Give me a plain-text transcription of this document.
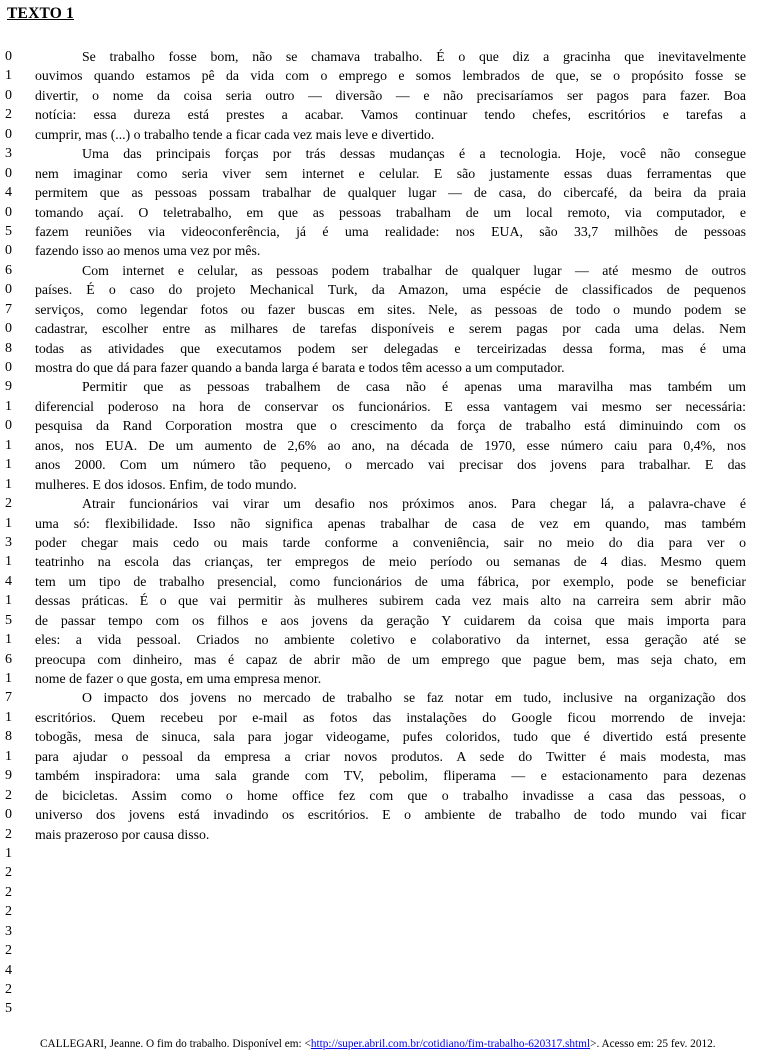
TEXTO 1
0	Se trabalho fosse bom, não se chamava trabalho. É o que diz a gracinha que inevitavelmente
1	ouvimos quando estamos pê da vida com o emprego e somos lembrados de que, se o propósito fosse se
0	divertir, o nome da coisa seria outro — diversão — e não precisaríamos ser pagos para fazer. Boa
2	notícia: essa dureza está prestes a acabar. Vamos continuar tendo chefes, escritórios e tarefas a
0	cumprir, mas (...) o trabalho tende a ficar cada vez mais leve e divertido.
3	Uma das principais forças por trás dessas mudanças é a tecnologia. Hoje, você não consegue
0	nem imaginar como seria viver sem internet e celular. E são justamente essas duas ferramentas que
4	permitem que as pessoas possam trabalhar de qualquer lugar — de casa, do cibercafé, da beira da praia
0	tomando açaí. O teletrabalho, em que as pessoas trabalham de um local remoto, via computador, e
5	fazem reuniões via videoconferência, já é uma realidade: nos EUA, são 33,7 milhões de pessoas
0	fazendo isso ao menos uma vez por mês.
6	Com internet e celular, as pessoas podem trabalhar de qualquer lugar — até mesmo de outros
0	países. É o caso do projeto Mechanical Turk, da Amazon, uma espécie de classificados de pequenos
7	serviços, como legendar fotos ou fazer buscas em sites. Nele, as pessoas de todo o mundo podem se
0	cadastrar, escolher entre as milhares de tarefas disponíveis e serem pagas por cada uma delas. Nem
8	todas as atividades que executamos podem ser delegadas e terceirizadas dessa forma, mas é uma
0	mostra do que dá para fazer quando a banda larga é barata e todos têm acesso a um computador.
9	Permitir que as pessoas trabalhem de casa não é apenas uma maravilha mas também um
1	diferencial poderoso na hora de conservar os funcionários. E essa vantagem vai mesmo ser necessária:
0	pesquisa da Rand Corporation mostra que o crescimento da força de trabalho está diminuindo com os
1	anos, nos EUA. De um aumento de 2,6% ao ano, na década de 1970, esse número caiu para 0,4%, nos
1	anos 2000. Com um número tão pequeno, o mercado vai precisar dos jovens para trabalhar. E das
1	mulheres. E dos idosos. Enfim, de todo mundo.
2	Atrair funcionários vai virar um desafio nos próximos anos. Para chegar lá, a palavra-chave é
1	uma só: flexibilidade. Isso não significa apenas trabalhar de casa de vez em quando, mas também
3	poder chegar mais cedo ou mais tarde conforme a conveniência, sair no meio do dia para ver o
1	teatrinho na escola das crianças, ter empregos de meio período ou semanas de 4 dias. Mesmo quem
4	tem um tipo de trabalho presencial, como funcionários de uma fábrica, por exemplo, pode se beneficiar
1	dessas práticas. É o que vai permitir às mulheres subirem cada vez mais alto na carreira sem abrir mão
5	de passar tempo com os filhos e aos jovens da geração Y cuidarem da coisa que mais importa para
1	eles: a vida pessoal. Criados no ambiente coletivo e colaborativo da internet, essa geração até se
6	preocupa com dinheiro, mas é capaz de abrir mão de um emprego que pague bem, mas seja chato, em
1	nome de fazer o que gosta, em uma empresa menor.
7	O impacto dos jovens no mercado de trabalho se faz notar em tudo, inclusive na organização dos
1	escritórios. Quem recebeu por e-mail as fotos das instalações do Google ficou morrendo de inveja:
8	tobogãs, mesa de sinuca, sala para jogar videogame, pufes coloridos, tudo que é divertido está presente
1	para ajudar o pessoal da empresa a criar novos produtos. A sede do Twitter é mais modesta, mas
9	também inspiradora: uma sala grande com TV, pebolim, fliperama — e estacionamento para dezenas
2	de bicicletas. Assim como o home office fez com que o trabalho invadisse a casa das pessoas, o
0	universo dos jovens está invadindo os escritórios. E o ambiente de trabalho de todo mundo vai ficar
2	mais prazeroso por causa disso.
1
2
2
2
3
2
4
2
5
CALLEGARI, Jeanne. O fim do trabalho. Disponível em: <http://super.abril.com.br/cotidiano/fim-trabalho-620317.shtml>. Acesso em: 25 fev. 2012.
